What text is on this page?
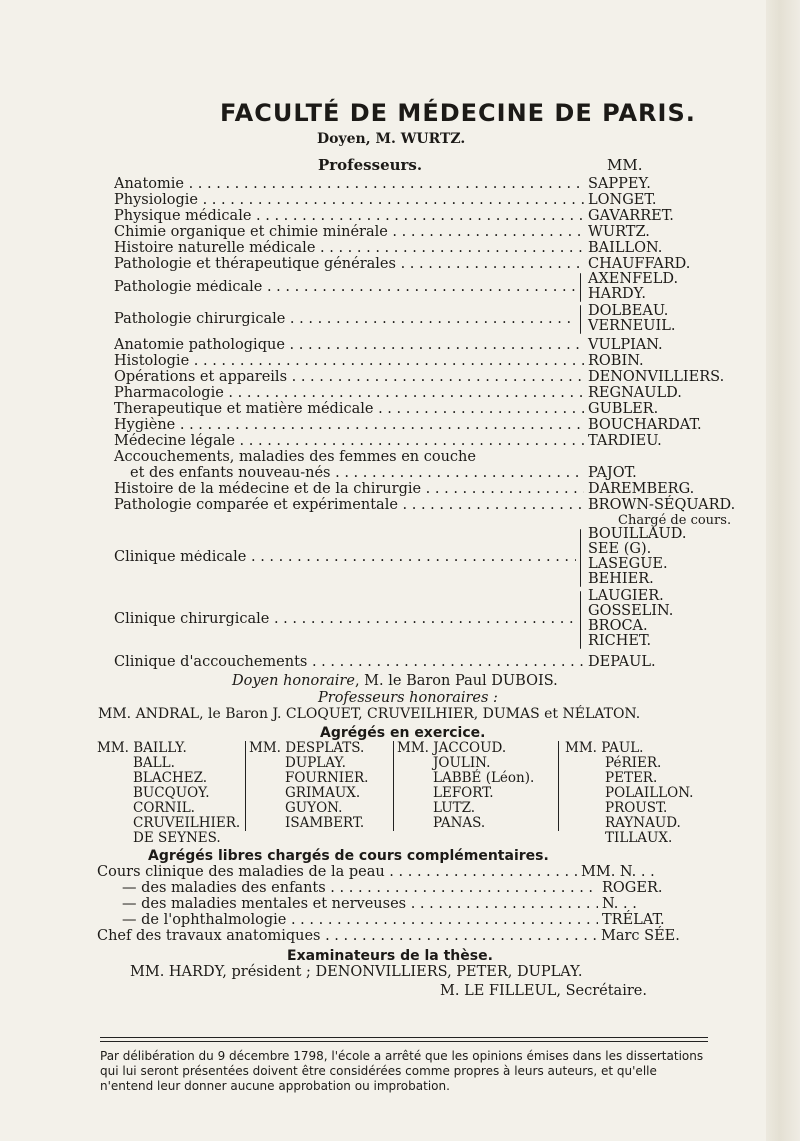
FACULTÉ DE MÉDECINE DE PARIS.
Doyen, M. WURTZ.
Professeurs.	MM.
Anatomie . . .	SAPPEY.
Physiologie . . .	LONGET.
Physique médicale . . .	GAVARRET.
Chimie organique et chimie minérale . . .	WURTZ.
Histoire naturelle médicale . . .	BAILLON.
Pathologie et thérapeutique générales . . .	CHAUFFARD.
Pathologie médicale . . .	AXENFELD.
HARDY.
Pathologie chirurgicale . . .	DOLBEAU.
VERNEUIL.
Anatomie pathologique . . .	VULPIAN.
Histologie . . .	ROBIN.
Opérations et appareils . . .	DENONVILLIERS.
Pharmacologie . . .	REGNAULD.
Therapeutique et matière médicale . . .	GUBLER.
Hygiène . . .	BOUCHARDAT.
Médecine légale . . .	TARDIEU.
Accouchements, maladies des femmes en couche
et des enfants nouveau-nés . . .	PAJOT.
Histoire de la médecine et de la chirurgie . . .	DAREMBERG.
Pathologie comparée et expérimentale . . .	BROWN-SÉQUARD.
Chargé de cours.
Clinique médicale . . .
BOUILLAUD.
SEE (G).
LASEGUE.
BEHIER.
Clinique chirurgicale . . .
LAUGIER.
GOSSELIN.
BROCA.
RICHET.
Clinique d'accouchements . . .	DEPAUL.
Doyen honoraire, M. le Baron Paul DUBOIS.
Professeurs honoraires :
MM. ANDRAL, le Baron J. CLOQUET, CRUVEILHIER, DUMAS et NÉLATON.
Agrégés en exercice.
MM. BAILLY.
BALL.
BLACHEZ.
BUCQUOY.
CORNIL.
CRUVEILHIER.
DE SEYNES.
MM. DESPLATS.
DUPLAY.
FOURNIER.
GRIMAUX.
GUYON.
ISAMBERT.
MM. JACCOUD.
JOULIN.
LABBÉ (Léon).
LEFORT.
LUTZ.
PANAS.
MM. PAUL.
PéRIER.
PETER.
POLAILLON.
PROUST.
RAYNAUD.
TILLAUX.
Agrégés libres chargés de cours complémentaires.
Cours clinique des maladies de la peau . . .	MM. N. . .
— des maladies des enfants . . .	ROGER.
— des maladies mentales et nerveuses . . .	N. . .
— de l'ophthalmologie . . .	TRÉLAT.
Chef des travaux anatomiques . . .	Marc SÉE.
Examinateurs de la thèse.
MM. HARDY, président ; DENONVILLIERS, PETER, DUPLAY.
M. LE FILLEUL, Secrétaire.
Par délibération du 9 décembre 1798, l'école a arrêté que les opinions émises dans les dissertations qui lui seront présentées doivent être considérées comme propres à leurs auteurs, et qu'elle n'entend leur donner aucune approbation ou improbation.
